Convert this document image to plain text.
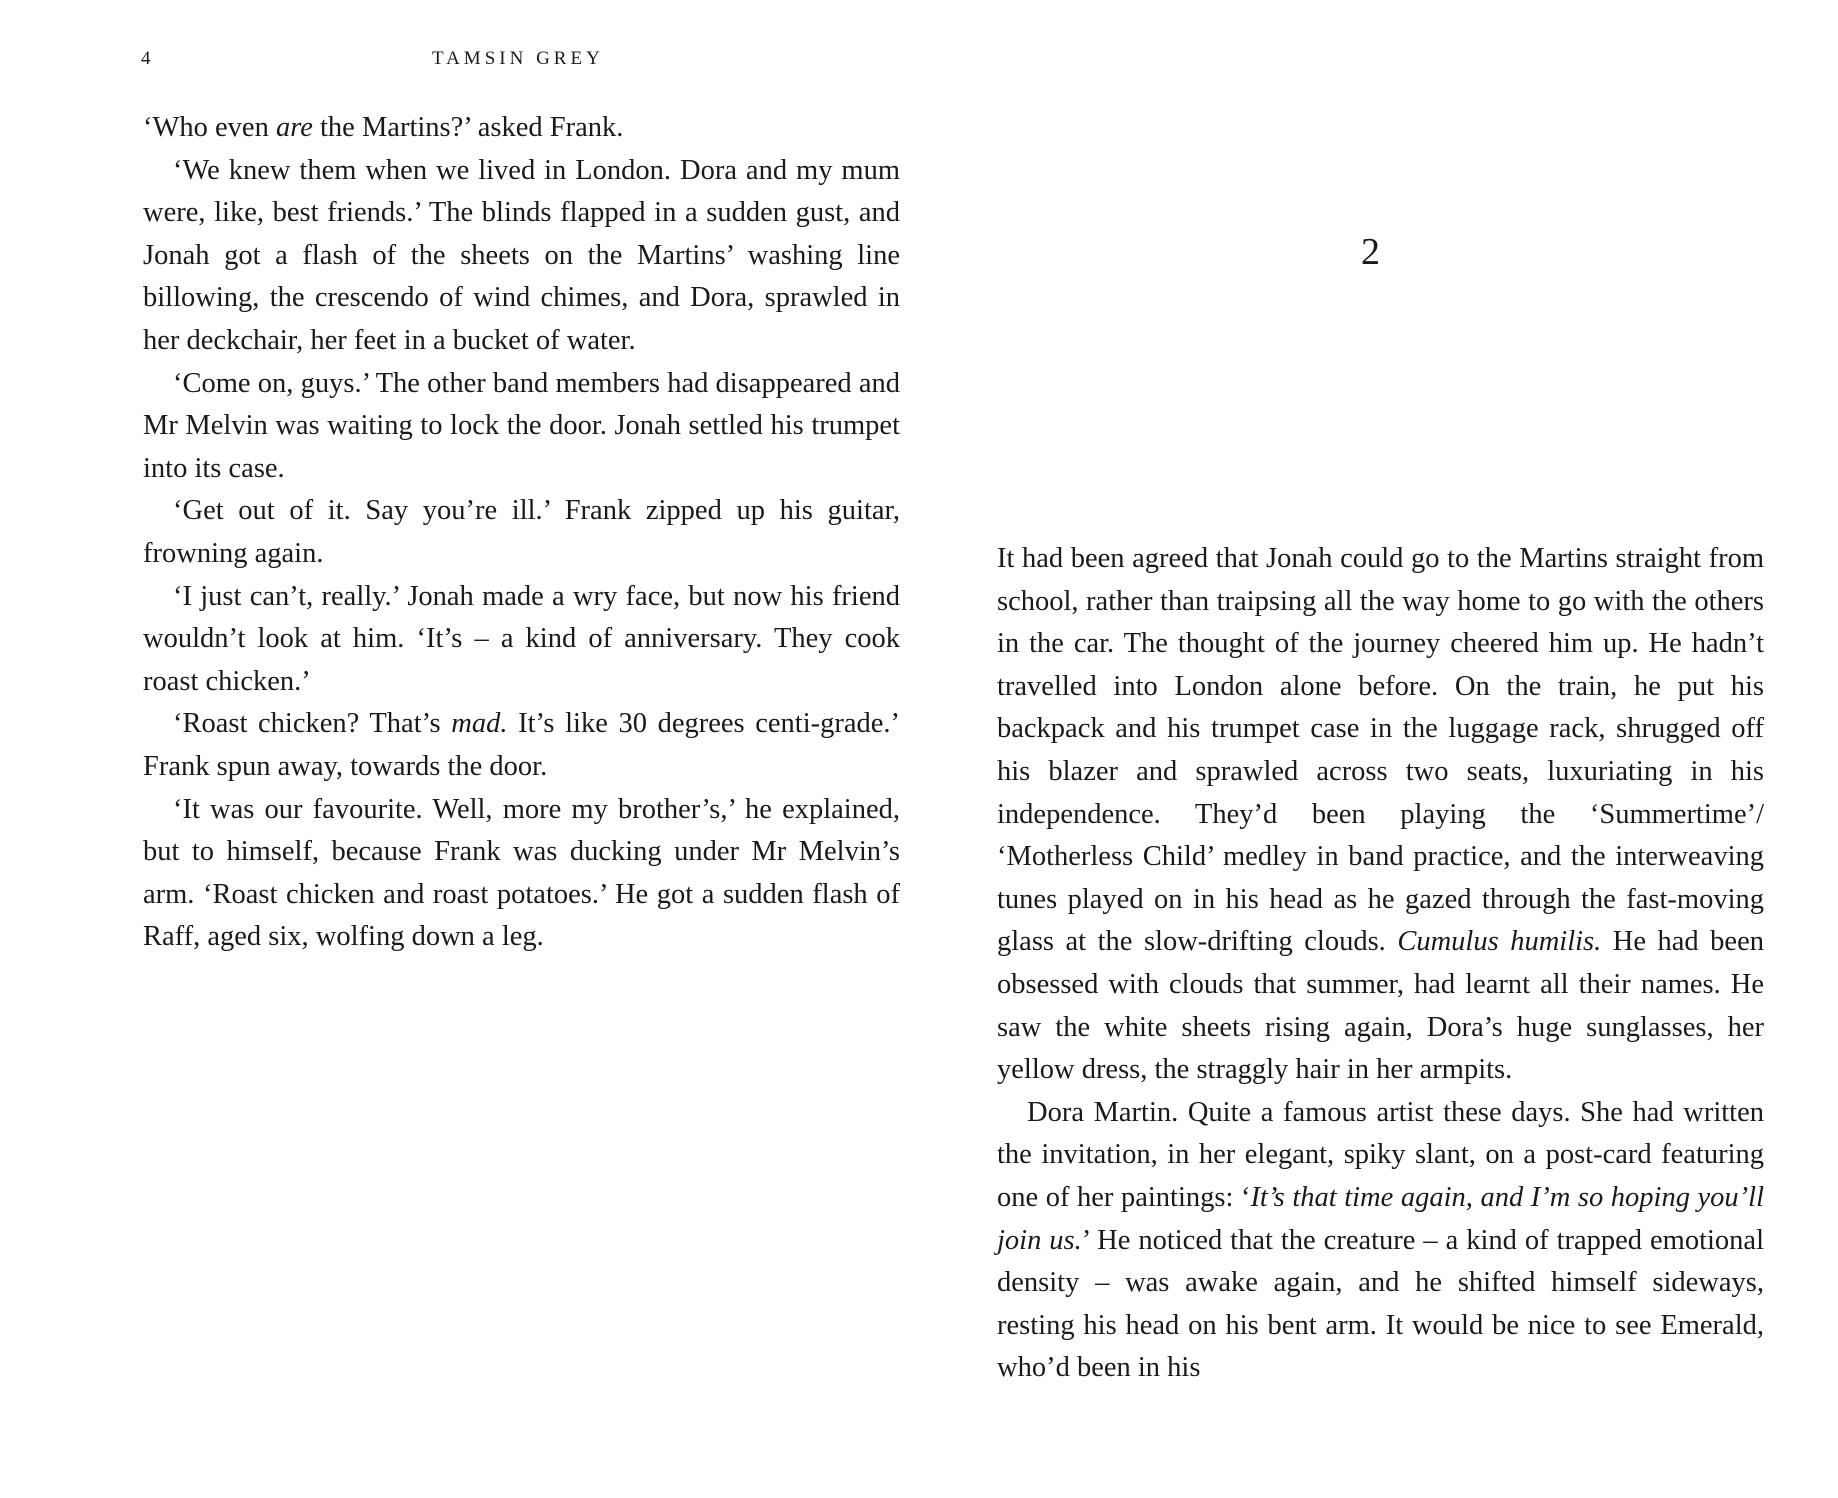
4	TAMSIN GREY

‘Who even are the Martins?’ asked Frank.

‘We knew them when we lived in London. Dora and my mum were, like, best friends.’ The blinds flapped in a sudden gust, and Jonah got a flash of the sheets on the Martins’ washing line billowing, the crescendo of wind chimes, and Dora, sprawled in her deckchair, her feet in a bucket of water.

‘Come on, guys.’ The other band members had disappeared and Mr Melvin was waiting to lock the door. Jonah settled his trumpet into its case.

‘Get out of it. Say you’re ill.’ Frank zipped up his guitar, frowning again.

‘I just can’t, really.’ Jonah made a wry face, but now his friend wouldn’t look at him. ‘It’s – a kind of anniversary. They cook roast chicken.’

‘Roast chicken? That’s mad. It’s like 30 degrees centi-grade.’ Frank spun away, towards the door.

‘It was our favourite. Well, more my brother’s,’ he explained, but to himself, because Frank was ducking under Mr Melvin’s arm. ‘Roast chicken and roast potatoes.’ He got a sudden flash of Raff, aged six, wolfing down a leg.

2

It had been agreed that Jonah could go to the Martins straight from school, rather than traipsing all the way home to go with the others in the car. The thought of the journey cheered him up. He hadn’t travelled into London alone before. On the train, he put his backpack and his trumpet case in the luggage rack, shrugged off his blazer and sprawled across two seats, luxuriating in his independence. They’d been playing the ‘Summertime’/ ‘Motherless Child’ medley in band practice, and the interweaving tunes played on in his head as he gazed through the fast-moving glass at the slow-drifting clouds. Cumulus humilis. He had been obsessed with clouds that summer, had learnt all their names. He saw the white sheets rising again, Dora’s huge sunglasses, her yellow dress, the straggly hair in her armpits.

Dora Martin. Quite a famous artist these days. She had written the invitation, in her elegant, spiky slant, on a post-card featuring one of her paintings: ‘It’s that time again, and I’m so hoping you’ll join us.’ He noticed that the creature – a kind of trapped emotional density – was awake again, and he shifted himself sideways, resting his head on his bent arm. It would be nice to see Emerald, who’d been in his
